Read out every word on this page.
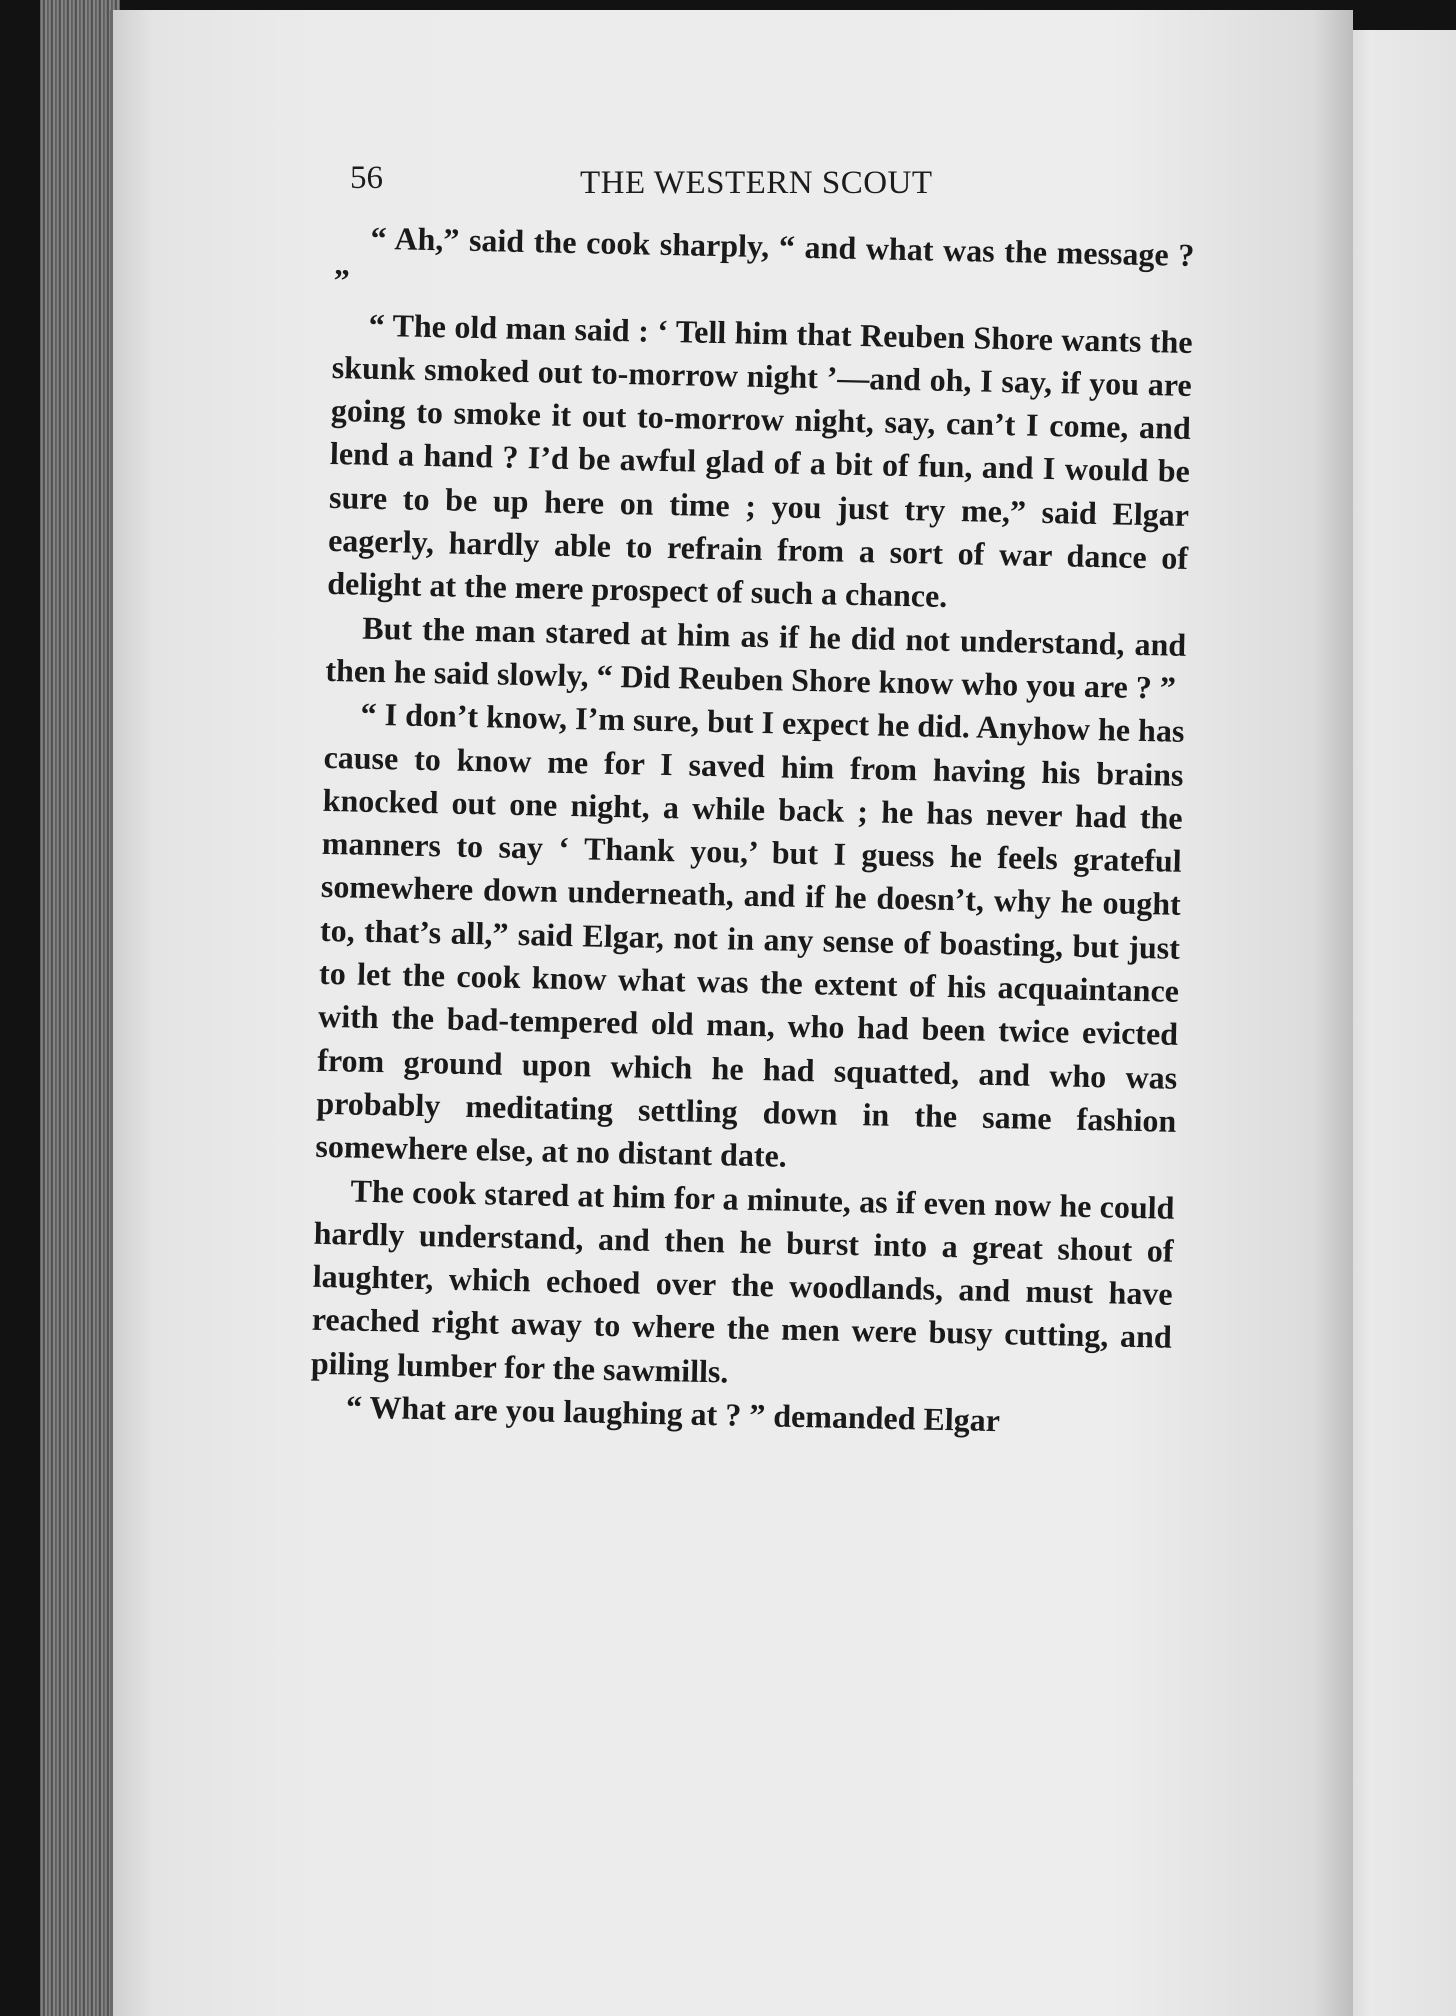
56	THE WESTERN SCOUT

“ Ah,” said the cook sharply, “ and what was the message ? ”

“ The old man said : ‘ Tell him that Reuben Shore wants the skunk smoked out to-morrow night ’—and oh, I say, if you are going to smoke it out to-morrow night, say, can’t I come, and lend a hand ? I’d be awful glad of a bit of fun, and I would be sure to be up here on time ; you just try me,” said Elgar eagerly, hardly able to refrain from a sort of war dance of delight at the mere prospect of such a chance.

But the man stared at him as if he did not understand, and then he said slowly, “ Did Reuben Shore know who you are ? ”

“ I don’t know, I’m sure, but I expect he did. Anyhow he has cause to know me for I saved him from having his brains knocked out one night, a while back ; he has never had the manners to say ‘ Thank you,’ but I guess he feels grateful somewhere down underneath, and if he doesn’t, why he ought to, that’s all,” said Elgar, not in any sense of boasting, but just to let the cook know what was the extent of his acquaintance with the bad-tempered old man, who had been twice evicted from ground upon which he had squatted, and who was probably meditating settling down in the same fashion somewhere else, at no distant date.

The cook stared at him for a minute, as if even now he could hardly understand, and then he burst into a great shout of laughter, which echoed over the woodlands, and must have reached right away to where the men were busy cutting, and piling lumber for the sawmills.

“ What are you laughing at ? ” demanded Elgar
